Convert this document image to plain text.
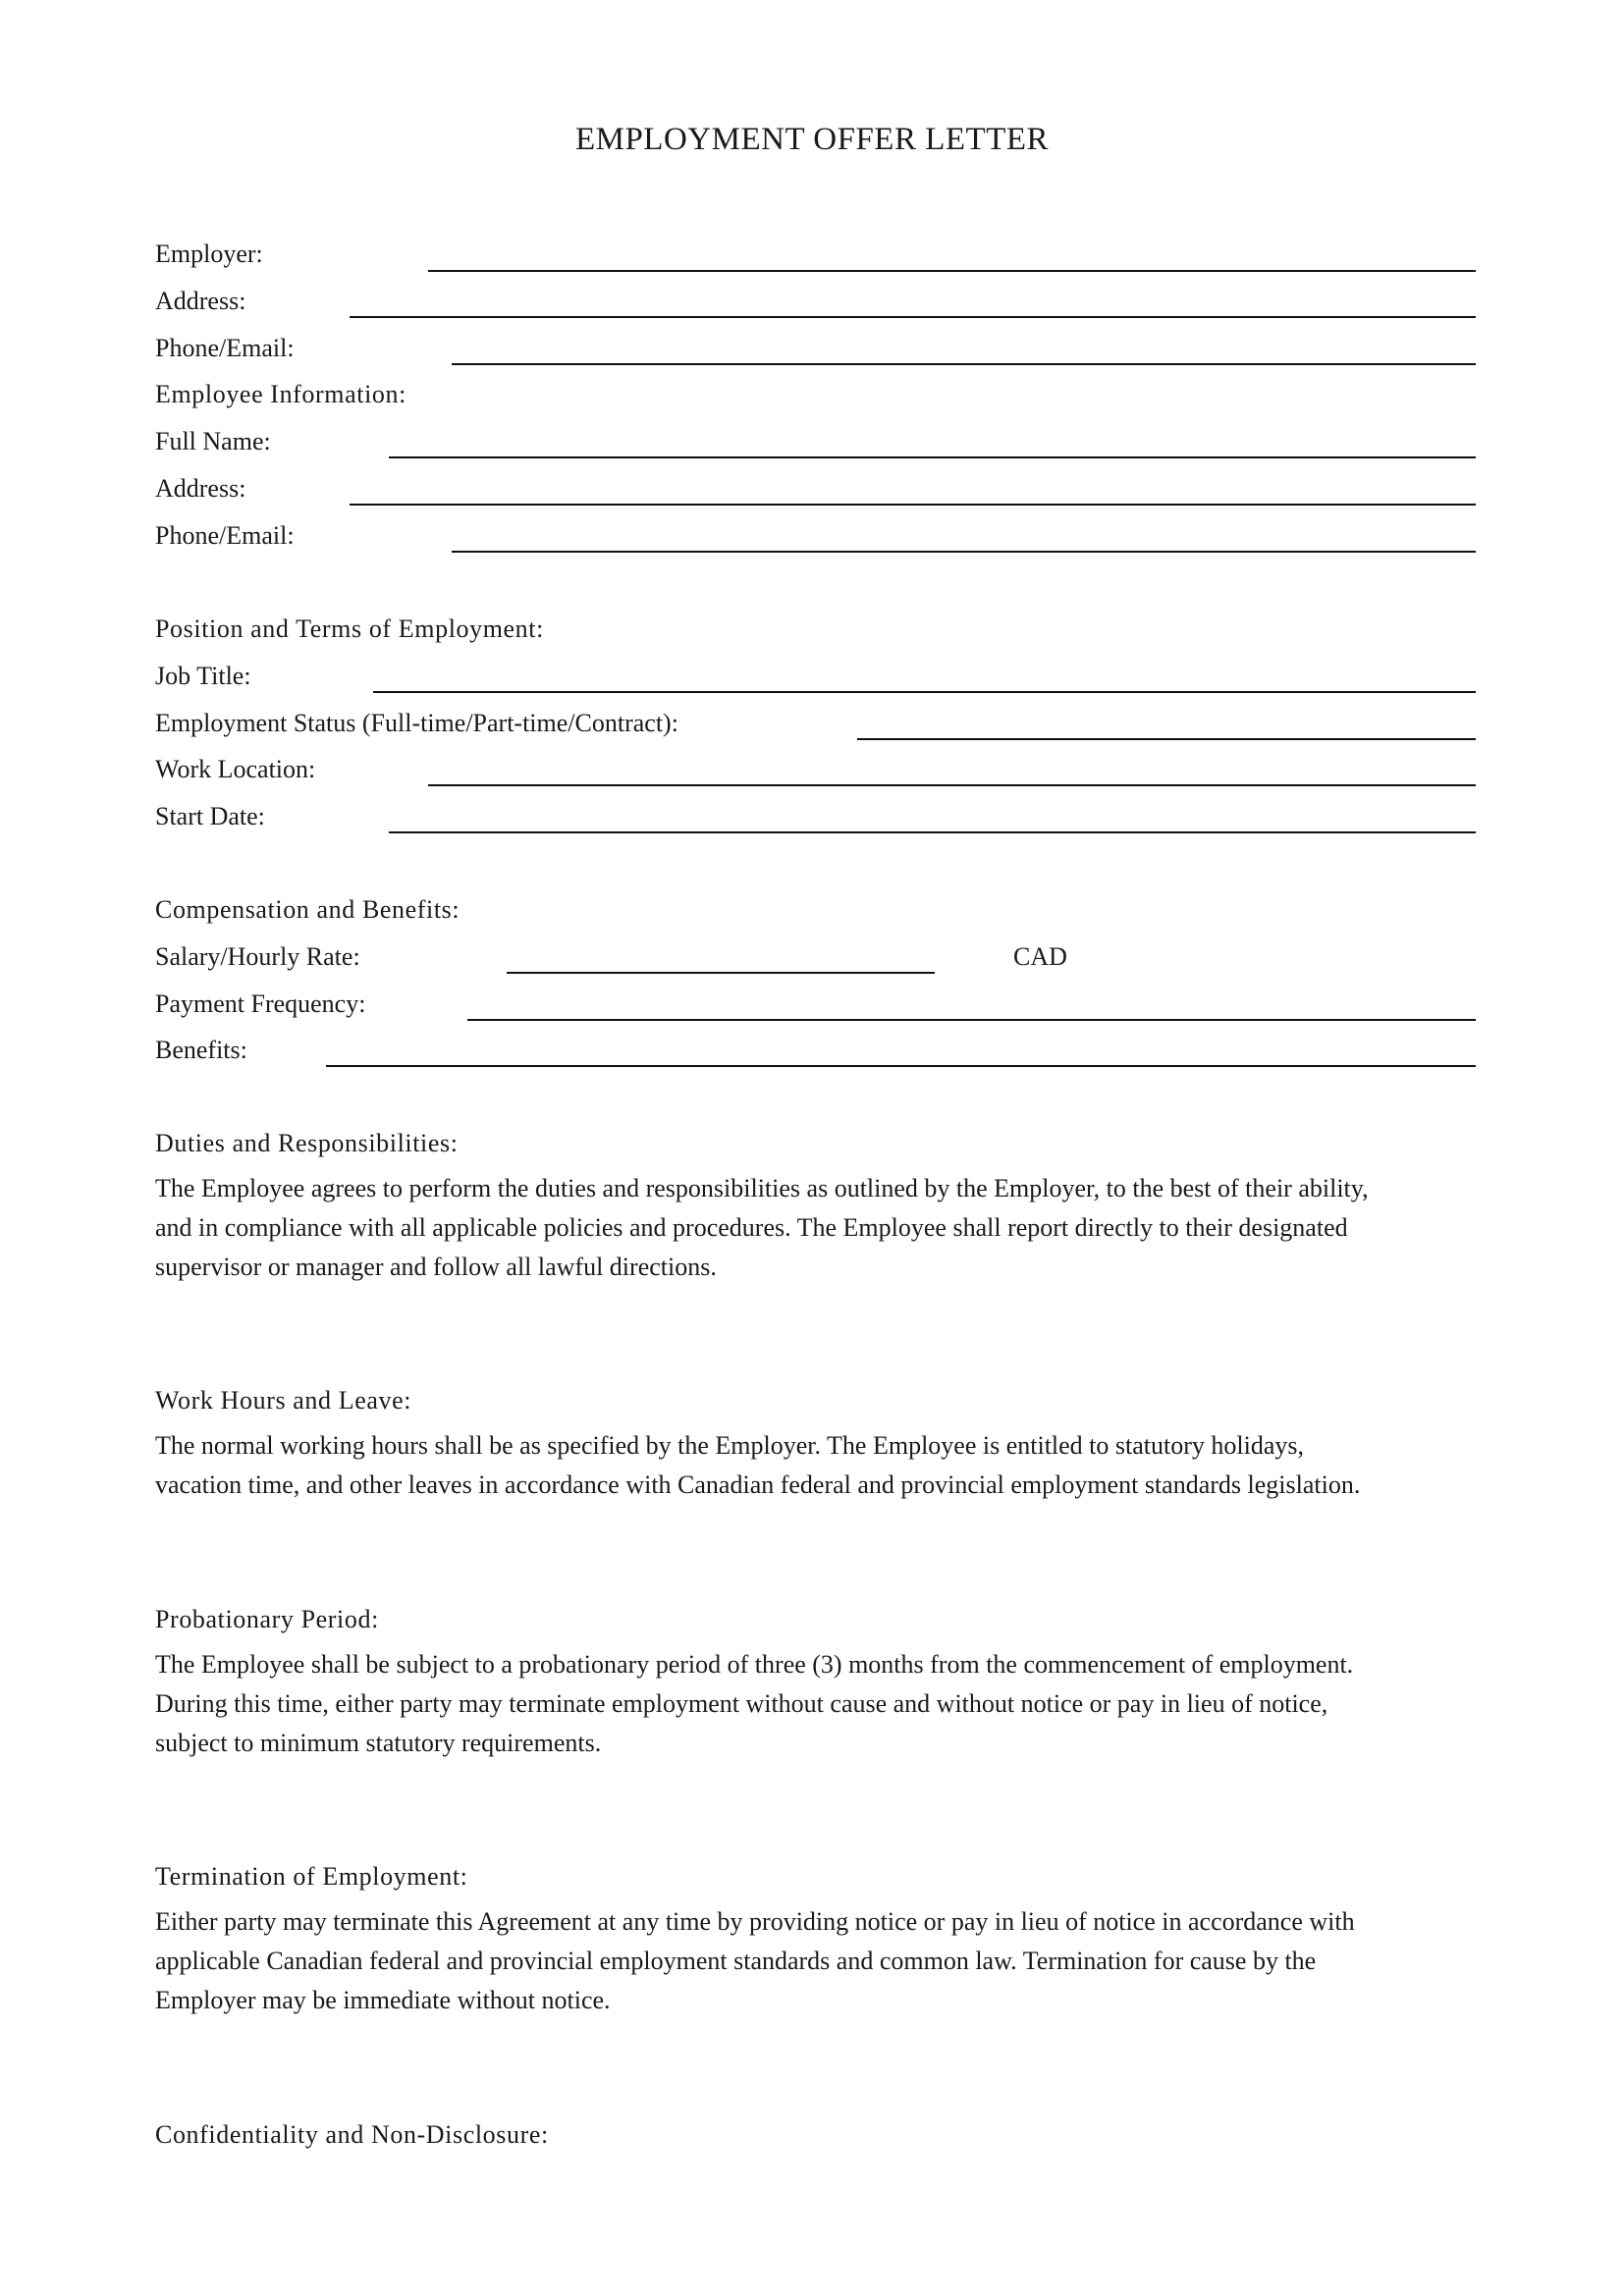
EMPLOYMENT OFFER LETTER
Employer:
Address:
Phone/Email:
Employee Information:
Full Name:
Address:
Phone/Email:
Position and Terms of Employment:
Job Title:
Employment Status (Full-time/Part-time/Contract):
Work Location:
Start Date:
Compensation and Benefits:
Salary/Hourly Rate:	CAD
Payment Frequency:
Benefits:
Duties and Responsibilities:
The Employee agrees to perform the duties and responsibilities as outlined by the Employer, to the best of their ability,
and in compliance with all applicable policies and procedures. The Employee shall report directly to their designated
supervisor or manager and follow all lawful directions.
Work Hours and Leave:
The normal working hours shall be as specified by the Employer. The Employee is entitled to statutory holidays,
vacation time, and other leaves in accordance with Canadian federal and provincial employment standards legislation.
Probationary Period:
The Employee shall be subject to a probationary period of three (3) months from the commencement of employment.
During this time, either party may terminate employment without cause and without notice or pay in lieu of notice,
subject to minimum statutory requirements.
Termination of Employment:
Either party may terminate this Agreement at any time by providing notice or pay in lieu of notice in accordance with
applicable Canadian federal and provincial employment standards and common law. Termination for cause by the
Employer may be immediate without notice.
Confidentiality and Non-Disclosure:
